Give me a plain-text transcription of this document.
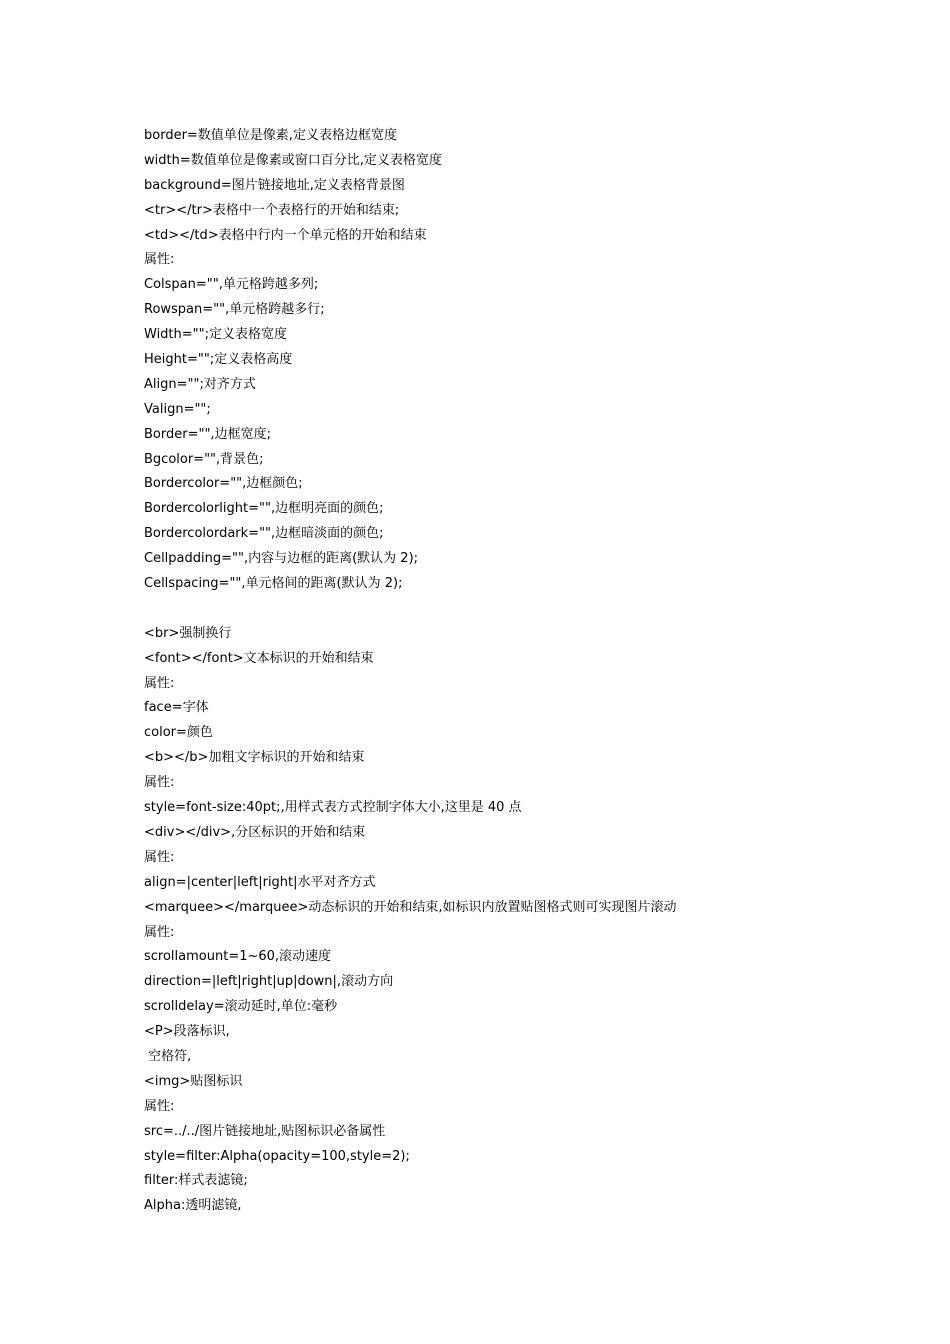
border=数值单位是像素,定义表格边框宽度
width=数值单位是像素或窗口百分比,定义表格宽度
background=图片链接地址,定义表格背景图
<tr></tr>表格中一个表格行的开始和结束;
<td></td>表格中行内一个单元格的开始和结束
属性:
Colspan="",单元格跨越多列;
Rowspan="",单元格跨越多行;
Width="";定义表格宽度
Height="";定义表格高度
Align="";对齐方式
Valign="";
Border="",边框宽度;
Bgcolor="",背景色;
Bordercolor="",边框颜色;
Bordercolorlight="",边框明亮面的颜色;
Bordercolordark="",边框暗淡面的颜色;
Cellpadding="",内容与边框的距离(默认为 2);
Cellspacing="",单元格间的距离(默认为 2);
<br>强制换行
<font></font>文本标识的开始和结束
属性:
face=字体
color=颜色
<b></b>加粗文字标识的开始和结束
属性:
style=font-size:40pt;,用样式表方式控制字体大小,这里是 40 点
<div></div>,分区标识的开始和结束
属性:
align=|center|left|right|水平对齐方式
<marquee></marquee>动态标识的开始和结束,如标识内放置贴图格式则可实现图片滚动
属性:
scrollamount=1~60,滚动速度
direction=|left|right|up|down|,滚动方向
scrolldelay=滚动延时,单位:毫秒
<P>段落标识,
空格符,
<img>贴图标识
属性:
src=../../图片链接地址,贴图标识必备属性
style=filter:Alpha(opacity=100,style=2);
filter:样式表滤镜;
Alpha:透明滤镜,
